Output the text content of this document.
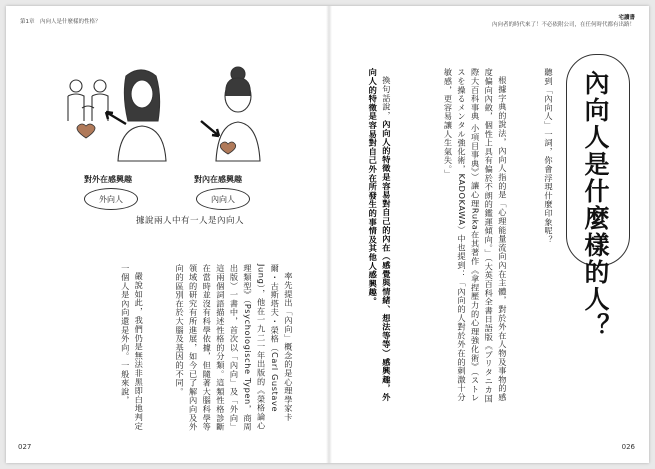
第1章　內向人是什麼樣的性格？
對外在感興趣
外向人
對內在感興趣
內向人
據說兩人中有一人是內向人

率先提出「內向」概念的是心理學家卡爾・古斯塔夫・榮格（Carl Gustave Jung），他在一九二一年出版的《榮格論心理類型》（Psychologische Typen，商周出版）一書中，首次以「內向」及「外向」這兩個詞語描述性格的分類。這類性格診斷在當時並沒有科學依據，但隨著大腦科學等領域的研究有所進展，如今已了解內向及外向的區別在於大腦及基因的不同。

嚴說如此，我們仍是無法非黑即白地判定一個人是內向還是外向。一般來說，

027
宅讀書
內向者的時代來了！不必依附公司，在任何時代都有出路！
內向人是什麼樣的人？
聽到「內向人」一詞，你會浮現什麼印象呢？

根據字典的說法，內向人指的是「心理能量流向內在主體，對於外在人物及事物的感度偏向內斂，個性上具有偏於不朗的鑑運傾向。」（大英百科全書日語版《ブリタニカ国際大百科事典 小項目事典》）讓心理Ruka在其著作《拿捏壓力的心理強化術》（ストレスを操るメンタル強化術，KADOKAWA）中也提到：「內向的人對於外在的刺激十分敏感，更容易讓人生氣失。」

換句話說，內向人的特徵是容易對自己的內在（感覺與情緒、想法等等）感興趣，外向人的特徵是容易對自己外在所發生的事情及其他人感興趣。

026
